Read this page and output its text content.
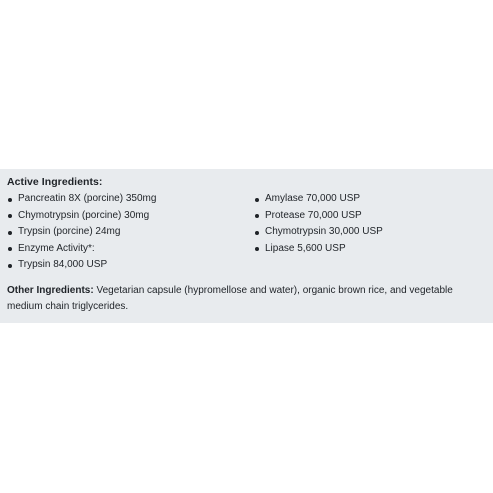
Active Ingredients:

Pancreatin 8X (porcine) 350mg
Chymotrypsin (porcine) 30mg
Trypsin (porcine) 24mg
Enzyme Activity*:
Trypsin 84,000 USP
Amylase 70,000 USP
Protease 70,000 USP
Chymotrypsin 30,000 USP
Lipase 5,600 USP

Other Ingredients: Vegetarian capsule (hypromellose and water), organic brown rice, and vegetable medium chain triglycerides.
